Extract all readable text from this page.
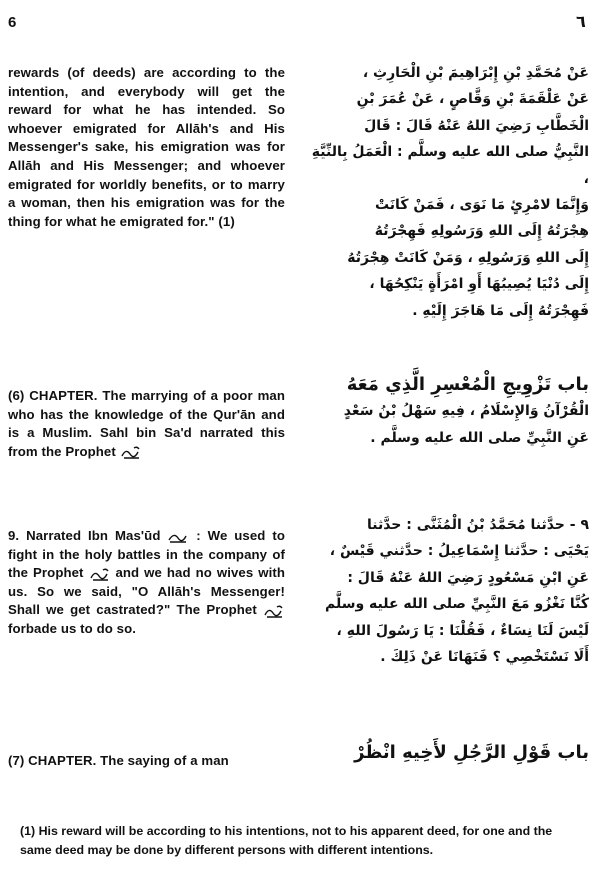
6	٦

rewards (of deeds) are according to the intention, and everybody will get the reward for what he has intended. So whoever emigrated for Allāh's and His Messenger's sake, his emigration was for Allāh and His Messenger; and whoever emigrated for worldly benefits, or to marry a woman, then his emigration was for the thing for what he emigrated for." (1)

عَنْ مُحَمَّدِ بْنِ إِبْرَاهِيمَ بْنِ الْحَارِثِ ،

عَنْ عَلْقَمَةَ بْنِ وَقَّاصٍ ، عَنْ عُمَرَ بْنِ

الْخَطَّابِ رَضِيَ اللهُ عَنْهُ قَالَ : قَالَ

النَّبِيُّ صلى الله عليه وسلَّم : الْعَمَلُ بِالنِّيَّةِ ،

وَإِنَّمَا لامْرِئٍ مَا نَوَى ، فَمَنْ كَانَتْ

هِجْرَتُهُ إِلَى اللهِ وَرَسُولِهِ فَهِجْرَتُهُ

إِلَى اللهِ وَرَسُولِهِ ، وَمَنْ كَانَتْ هِجْرَتُهُ

إِلَى دُنْيَا يُصِيبُهَا أَوِ امْرَأَةٍ يَنْكِحُهَا ،

فَهِجْرَتُهُ إِلَى مَا هَاجَرَ إِلَيْهِ .

(6) CHAPTER. The marrying of a poor man who has the knowledge of the Qur'ān and is a Muslim. Sahl bin Sa'd narrated this from the Prophet

باب تَزْوِيجِ الْمُعْسِرِ الَّذِي مَعَهُ

الْقُرْآنُ وَالإِسْلَامُ ، فِيهِ سَهْلُ بْنُ سَعْدٍ

عَنِ النَّبِيِّ صلى الله عليه وسلَّم .

9. Narrated Ibn Mas'ūd	: We used to fight in the holy battles in the company of the Prophet and we had no wives with us. So we said, "O Allāh's Messenger! Shall we get castrated?" The Prophet  forbade us to do so.

٩ - حدَّثنا مُحَمَّدُ بْنُ الْمُثَنَّى : حدَّثنا

يَحْيَى : حدَّثنا إِسْمَاعِيلُ : حدَّثني قَيْسٌ ،

عَنِ ابْنِ مَسْعُودٍ رَضِيَ اللهُ عَنْهُ قَالَ :

كُنَّا نَغْزُو مَعَ النَّبِيِّ صلى الله عليه وسلَّم

لَيْسَ لَنَا نِسَاءٌ ، فَقُلْنَا : يَا رَسُولَ اللهِ ،

أَلَا نَسْتَخْصِي ؟ فَنَهَانَا عَنْ ذَلِكَ .

(7) CHAPTER. The saying of a man	باب قَوْلِ الرَّجُلِ لأَخِيهِ انْظُرْ

(1) His reward will be according to his intentions, not to his apparent deed, for one and the same deed may be done by different persons with different intentions.
